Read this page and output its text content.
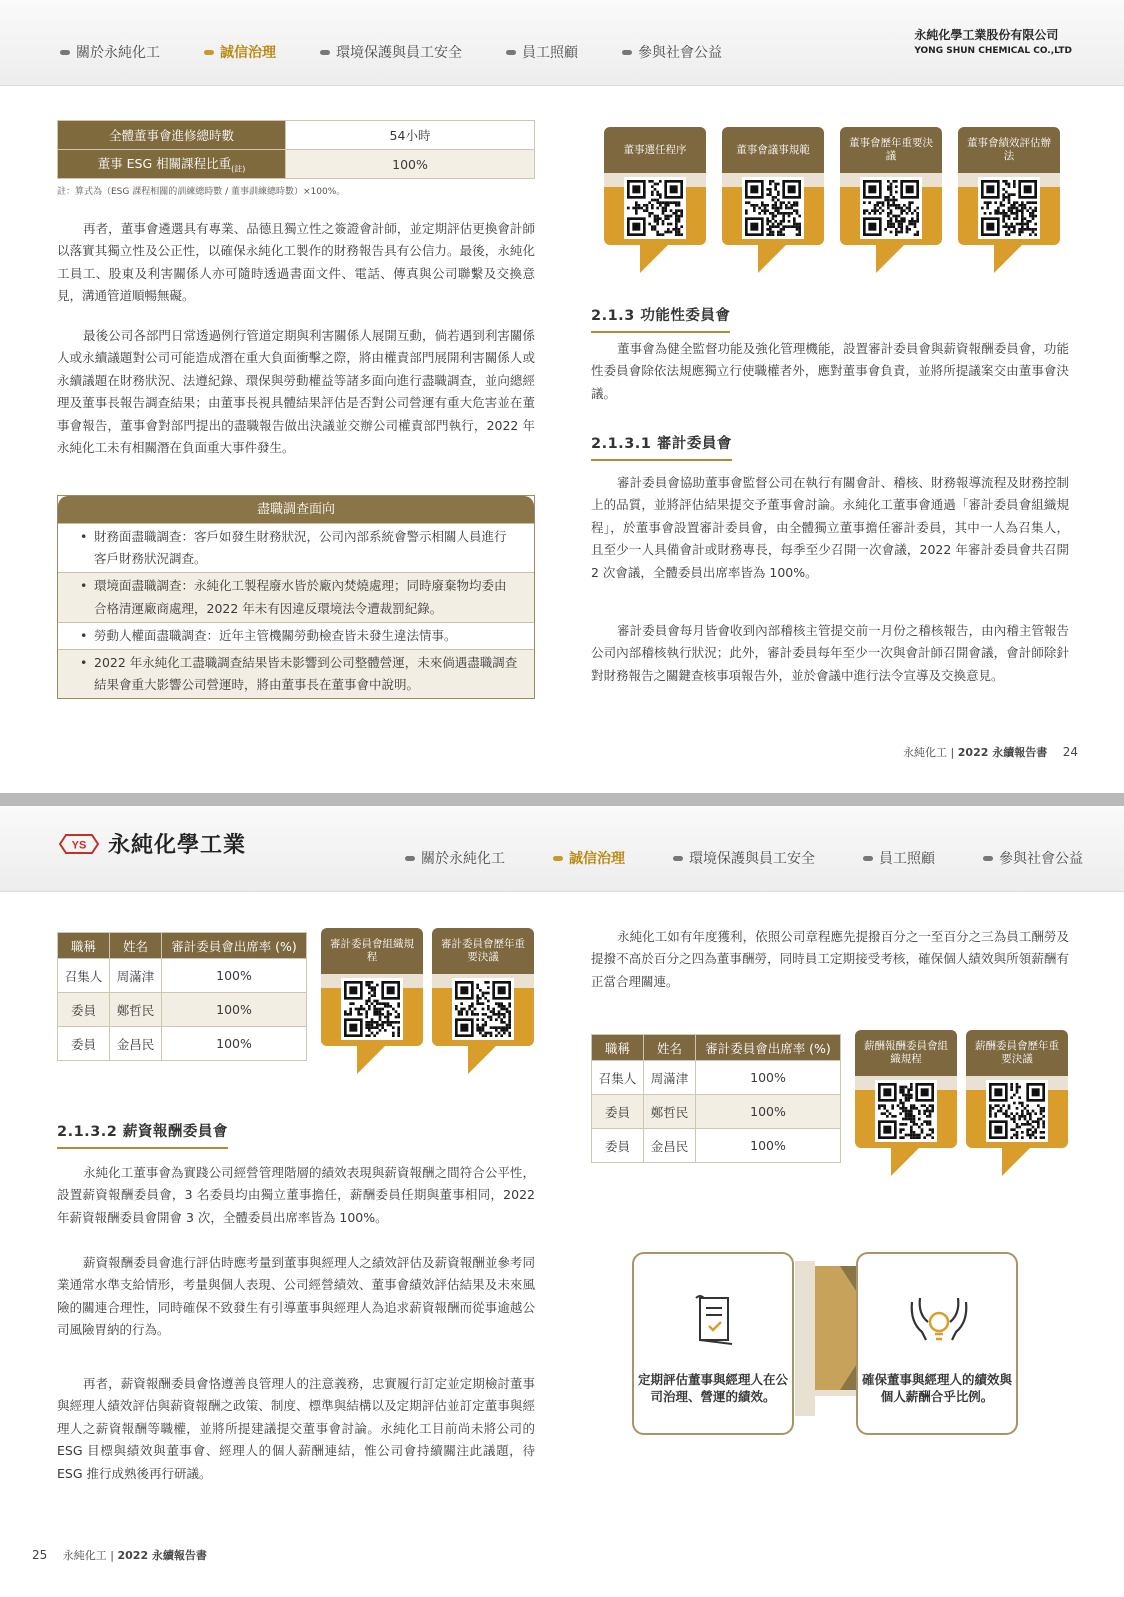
關於永純化工	誠信治理	環境保護與員工安全	員工照顧	參與社會公益
永純化學工業股份有限公司
YONG SHUN CHEMICAL CO.,LTD
全體董事會進修總時數	54小時
董事 ESG 相關課程比重$_{(註)}$	100%
註：算式為（ESG 課程相關的訓練總時數 / 董事訓練總時數）×100%。
再者，董事會遴選具有專業、品德且獨立性之簽證會計師，並定期評估更換會計師以落實其獨立性及公正性，以確保永純化工製作的財務報告具有公信力。最後，永純化工員工、股東及利害關係人亦可隨時透過書面文件、電話、傳真與公司聯繫及交換意見，溝通管道順暢無礙。
最後公司各部門日常透過例行管道定期與利害關係人展開互動，倘若遇到利害關係人或永續議題對公司可能造成潛在重大負面衝擊之際，將由權責部門展開利害關係人或永續議題在財務狀況、法遵紀錄、環保與勞動權益等諸多面向進行盡職調查，並向總經理及董事長報告調查結果；由董事長視具體結果評估是否對公司營運有重大危害並在董事會報告，董事會對部門提出的盡職報告做出決議並交辦公司權責部門執行，2022 年永純化工未有相關潛在負面重大事件發生。
盡職調查面向
• 財務面盡職調查：客戶如發生財務狀況，公司內部系統會警示相關人員進行客戶財務狀況調查。
• 環境面盡職調查：永純化工製程廢水皆於廠內焚燒處理；同時廢棄物均委由合格清運廠商處理，2022 年未有因違反環境法令遭裁罰紀錄。
• 勞動人權面盡職調查：近年主管機關勞動檢查皆未發生違法情事。
• 2022 年永純化工盡職調查結果皆未影響到公司整體營運，未來倘遇盡職調查結果會重大影響公司營運時，將由董事長在董事會中說明。
董事選任程序	董事會議事規範
董事會歷年重要決議
董事會績效評估辦法
2.1.3 功能性委員會
董事會為健全監督功能及強化管理機能，設置審計委員會與薪資報酬委員會，功能性委員會除依法規應獨立行使職權者外，應對董事會負責，並將所提議案交由董事會決議。
2.1.3.1 審計委員會
審計委員會協助董事會監督公司在執行有關會計、稽核、財務報導流程及財務控制上的品質，並將評估結果提交予董事會討論。永純化工董事會通過「審計委員會組織規程」，於董事會設置審計委員會，由全體獨立董事擔任審計委員，其中一人為召集人，且至少一人具備會計或財務專長，每季至少召開一次會議，2022 年審計委員會共召開 2 次會議，全體委員出席率皆為 100%。
審計委員會每月皆會收到內部稽核主管提交前一月份之稽核報告，由內稽主管報告公司內部稽核執行狀況；此外，審計委員每年至少一次與會計師召開會議，會計師除針對財務報告之關鍵查核事項報告外，並於會議中進行法令宣導及交換意見。
永純化工 | 2022 永續報告書 24
YS 永純化學工業
關於永純化工	誠信治理	環境保護與員工安全	員工照顧	參與社會公益
職稱	姓名	審計委員會出席率 (%)
召集人	周滿津	100%
委員	鄭哲民	100%
委員	金昌民	100%
審計委員會組織規程
審計委員會歷年重要決議
2.1.3.2 薪資報酬委員會
永純化工董事會為實踐公司經營管理階層的績效表現與薪資報酬之間符合公平性，設置薪資報酬委員會，3 名委員均由獨立董事擔任，薪酬委員任期與董事相同，2022 年薪資報酬委員會開會 3 次，全體委員出席率皆為 100%。
薪資報酬委員會進行評估時應考量到董事與經理人之績效評估及薪資報酬並參考同業通常水準支給情形，考量與個人表現、公司經營績效、董事會績效評估結果及未來風險的關連合理性，同時確保不致發生有引導董事與經理人為追求薪資報酬而從事逾越公司風險胃納的行為。
再者，薪資報酬委員會恪遵善良管理人的注意義務，忠實履行訂定並定期檢討董事與經理人績效評估與薪資報酬之政策、制度、標準與結構以及定期評估並訂定董事與經理人之薪資報酬等職權，並將所提建議提交董事會討論。永純化工目前尚未將公司的 ESG 目標與績效與董事會、經理人的個人薪酬連結，惟公司會持續關注此議題，待 ESG 推行成熟後再行研議。
永純化工如有年度獲利，依照公司章程應先提撥百分之一至百分之三為員工酬勞及提撥不高於百分之四為董事酬勞，同時員工定期接受考核，確保個人績效與所領薪酬有正當合理關連。
職稱	姓名	審計委員會出席率 (%)
召集人	周滿津	100%
委員	鄭哲民	100%
委員	金昌民	100%
薪酬報酬委員會組織規程
薪酬委員會歷年重要決議
定期評估董事與經理人在公司治理、營運的績效。
確保董事與經理人的績效與個人薪酬合乎比例。
25 永純化工 | 2022 永續報告書
